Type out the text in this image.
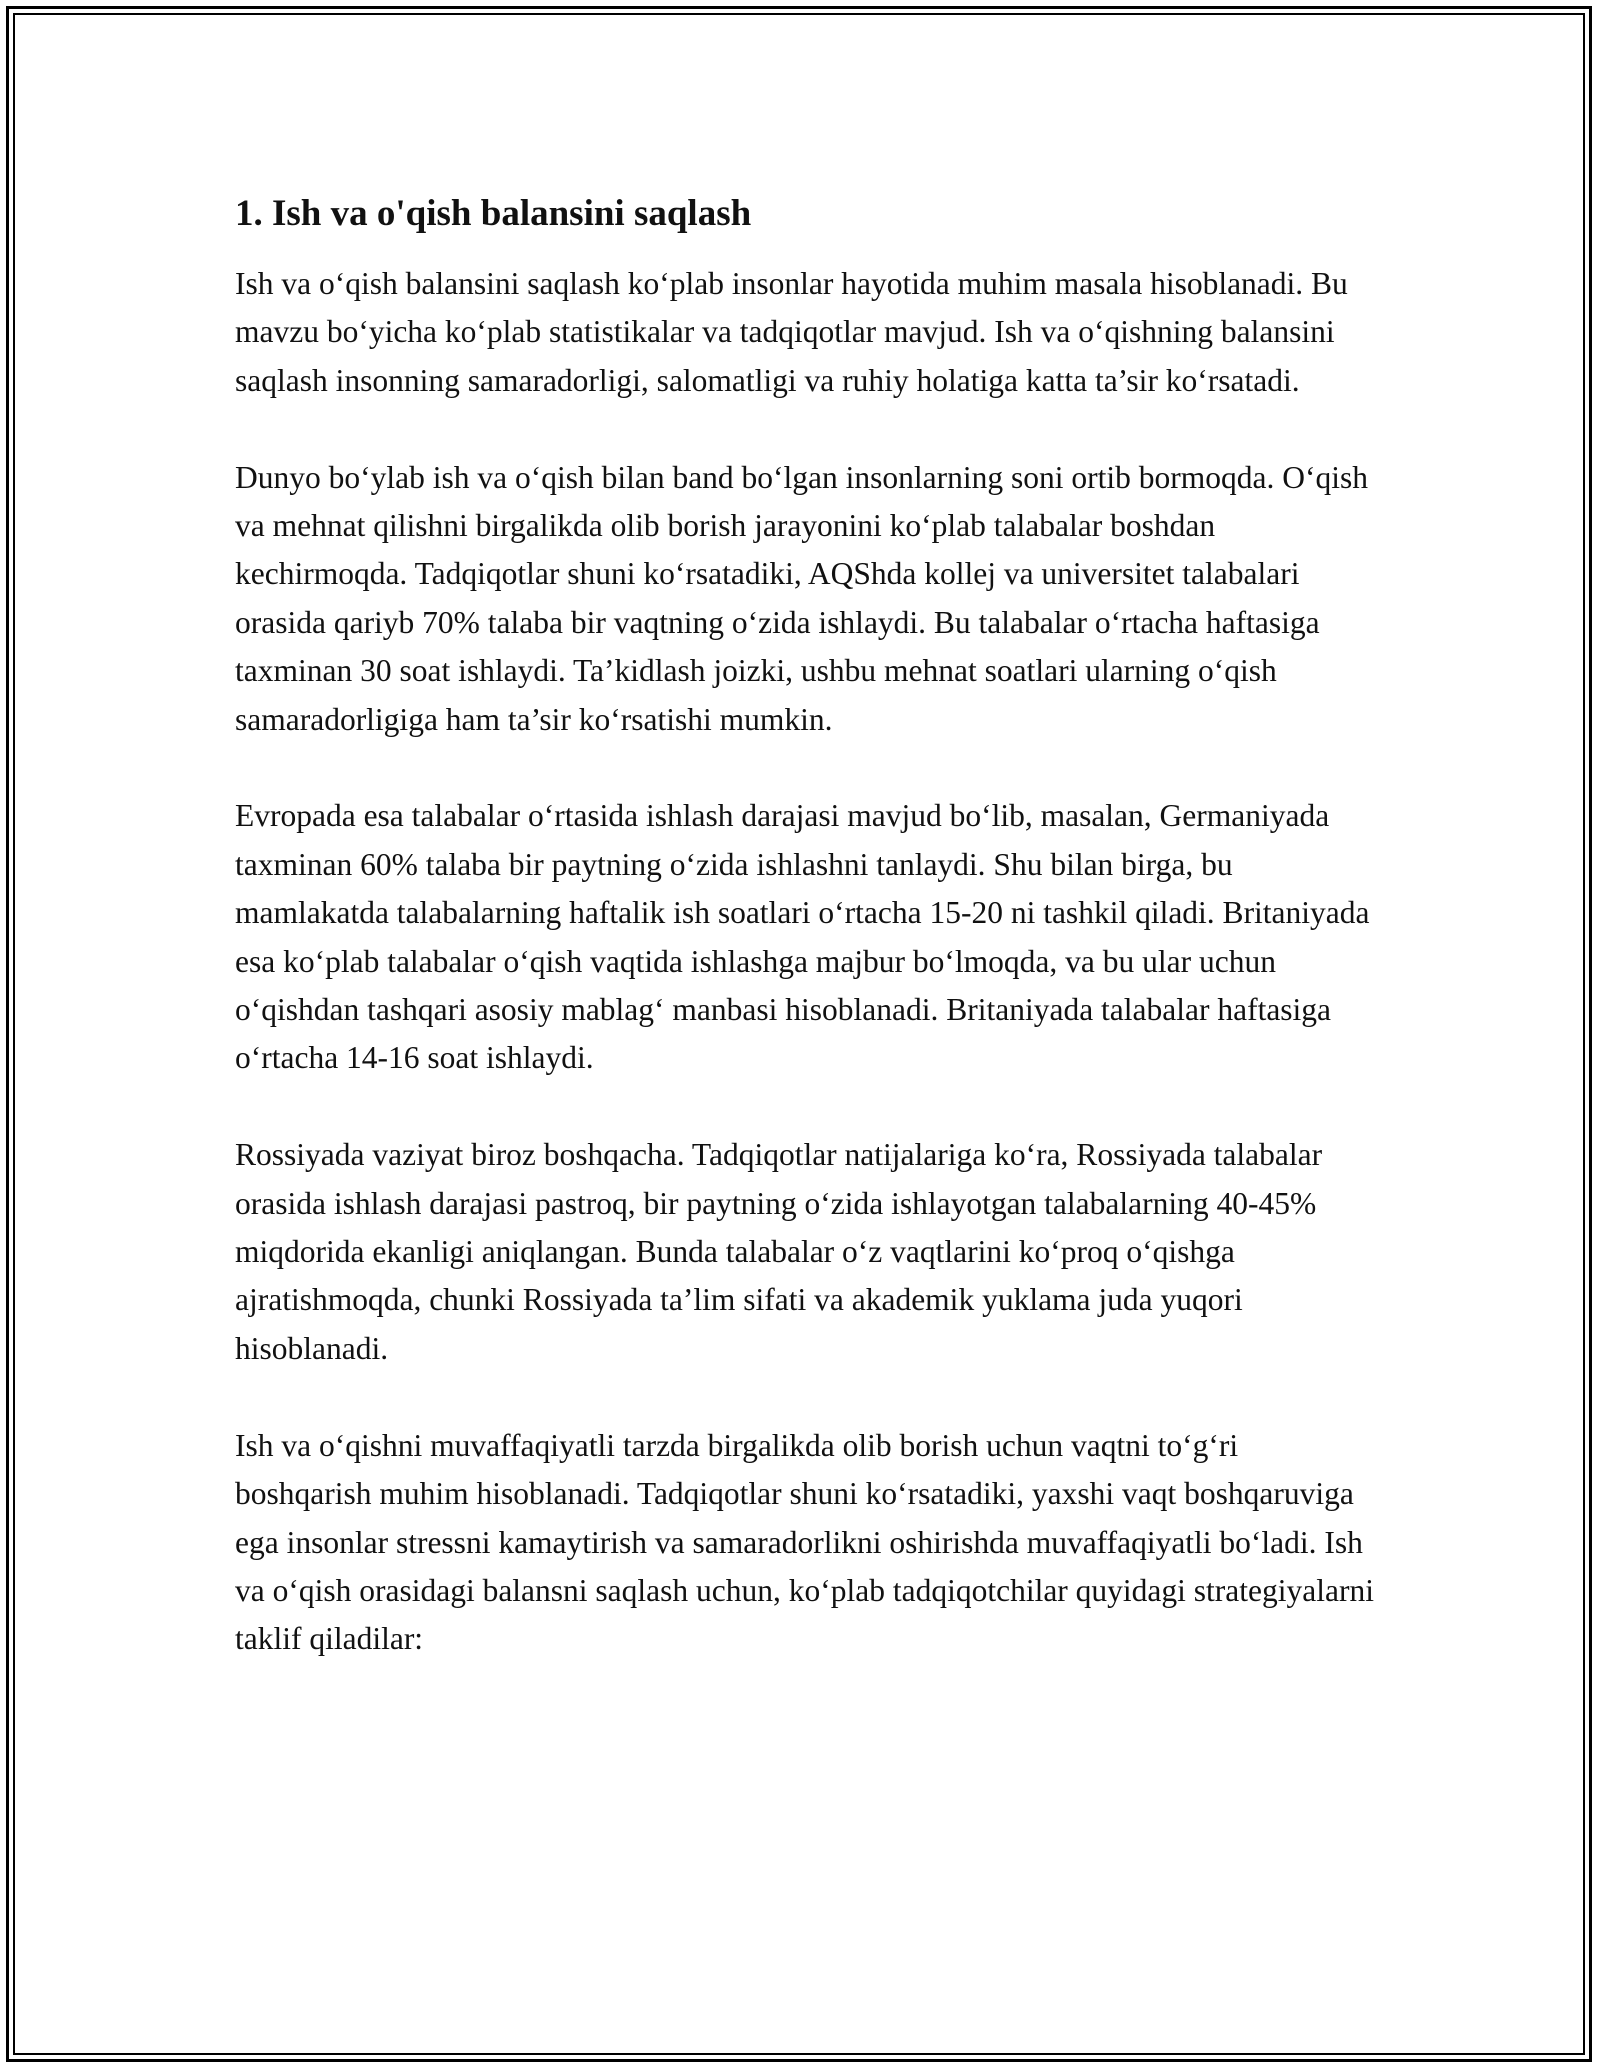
1. Ish va o'qish balansini saqlash

Ish va o‘qish balansini saqlash ko‘plab insonlar hayotida muhim masala hisoblanadi. Bu mavzu bo‘yicha ko‘plab statistikalar va tadqiqotlar mavjud. Ish va o‘qishning balansini saqlash insonning samaradorligi, salomatligi va ruhiy holatiga katta ta’sir ko‘rsatadi.

Dunyo bo‘ylab ish va o‘qish bilan band bo‘lgan insonlarning soni ortib bormoqda. O‘qish va mehnat qilishni birgalikda olib borish jarayonini ko‘plab talabalar boshdan kechirmoqda. Tadqiqotlar shuni ko‘rsatadiki, AQShda kollej va universitet talabalari orasida qariyb 70% talaba bir vaqtning o‘zida ishlaydi. Bu talabalar o‘rtacha haftasiga taxminan 30 soat ishlaydi. Ta’kidlash joizki, ushbu mehnat soatlari ularning o‘qish samaradorligiga ham ta’sir ko‘rsatishi mumkin.

Evropada esa talabalar o‘rtasida ishlash darajasi mavjud bo‘lib, masalan, Germaniyada taxminan 60% talaba bir paytning o‘zida ishlashni tanlaydi. Shu bilan birga, bu mamlakatda talabalarning haftalik ish soatlari o‘rtacha 15-20 ni tashkil qiladi. Britaniyada esa ko‘plab talabalar o‘qish vaqtida ishlashga majbur bo‘lmoqda, va bu ular uchun o‘qishdan tashqari asosiy mablag‘ manbasi hisoblanadi. Britaniyada talabalar haftasiga o‘rtacha 14-16 soat ishlaydi.

Rossiyada vaziyat biroz boshqacha. Tadqiqotlar natijalariga ko‘ra, Rossiyada talabalar orasida ishlash darajasi pastroq, bir paytning o‘zida ishlayotgan talabalarning 40-45% miqdorida ekanligi aniqlangan. Bunda talabalar o‘z vaqtlarini ko‘proq o‘qishga ajratishmoqda, chunki Rossiyada ta’lim sifati va akademik yuklama juda yuqori hisoblanadi.

Ish va o‘qishni muvaffaqiyatli tarzda birgalikda olib borish uchun vaqtni to‘g‘ri boshqarish muhim hisoblanadi. Tadqiqotlar shuni ko‘rsatadiki, yaxshi vaqt boshqaruviga ega insonlar stressni kamaytirish va samaradorlikni oshirishda muvaffaqiyatli bo‘ladi. Ish va o‘qish orasidagi balansni saqlash uchun, ko‘plab tadqiqotchilar quyidagi strategiyalarni taklif qiladilar:
